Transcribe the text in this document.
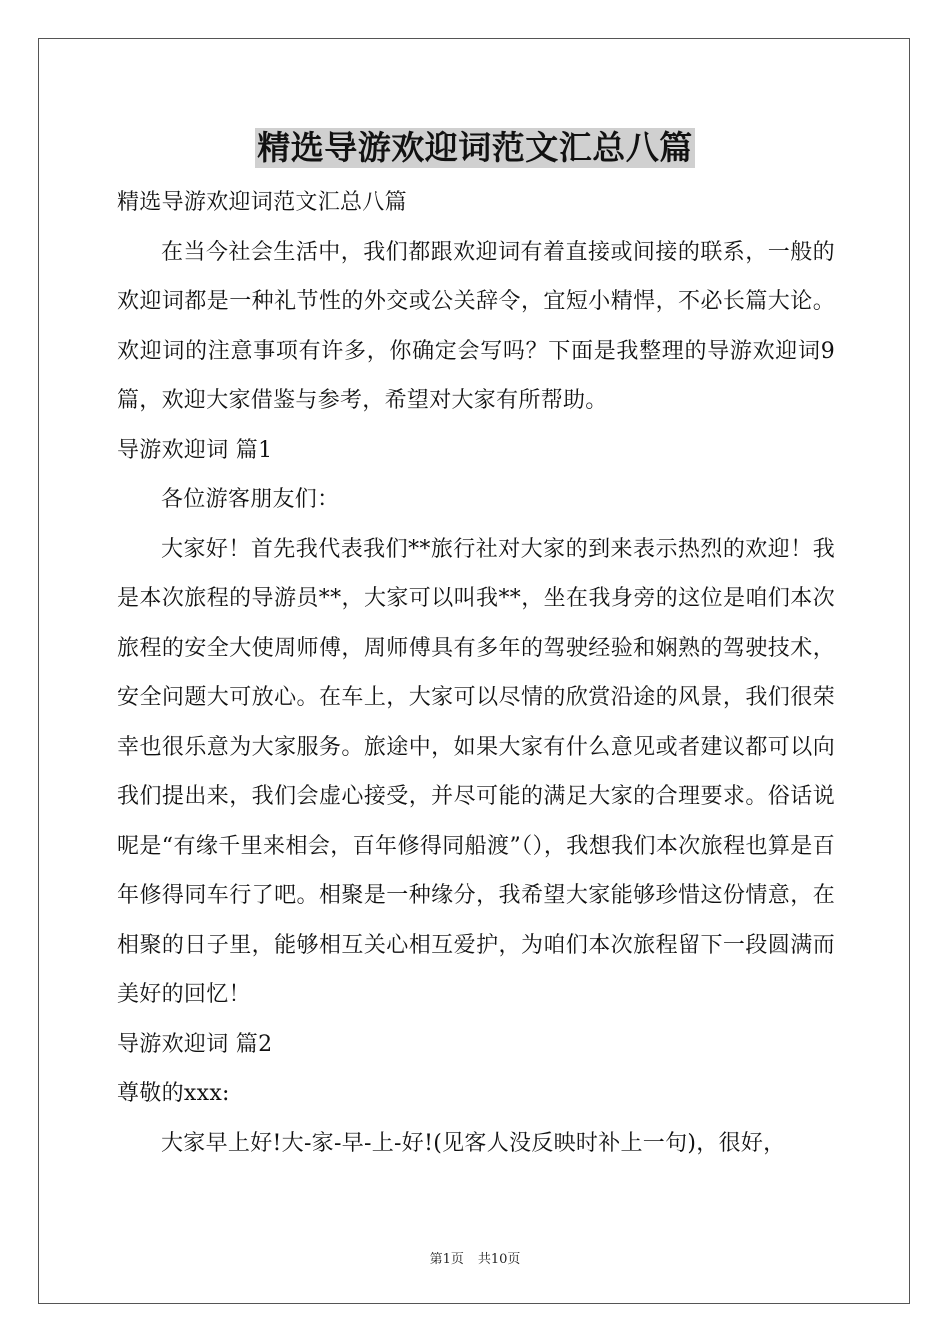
精选导游欢迎词范文汇总八篇
精选导游欢迎词范文汇总八篇
在当今社会生活中，我们都跟欢迎词有着直接或间接的联系，一般的欢迎词都是一种礼节性的外交或公关辞令，宜短小精悍，不必长篇大论。欢迎词的注意事项有许多，你确定会写吗？下面是我整理的导游欢迎词9篇，欢迎大家借鉴与参考，希望对大家有所帮助。
导游欢迎词 篇1
各位游客朋友们：
大家好！首先我代表我们**旅行社对大家的到来表示热烈的欢迎！我是本次旅程的导游员**，大家可以叫我**，坐在我身旁的这位是咱们本次旅程的安全大使周师傅，周师傅具有多年的驾驶经验和娴熟的驾驶技术，安全问题大可放心。在车上，大家可以尽情的欣赏沿途的风景，我们很荣幸也很乐意为大家服务。旅途中，如果大家有什么意见或者建议都可以向我们提出来，我们会虚心接受，并尽可能的满足大家的合理要求。俗话说呢是“有缘千里来相会，百年修得同船渡”（），我想我们本次旅程也算是百年修得同车行了吧。相聚是一种缘分，我希望大家能够珍惜这份情意，在相聚的日子里，能够相互关心相互爱护，为咱们本次旅程留下一段圆满而美好的回忆！
导游欢迎词 篇2
尊敬的xxx:
大家早上好!大-家-早-上-好!(见客人没反映时补上一句)，很好，
第1页 共10页
